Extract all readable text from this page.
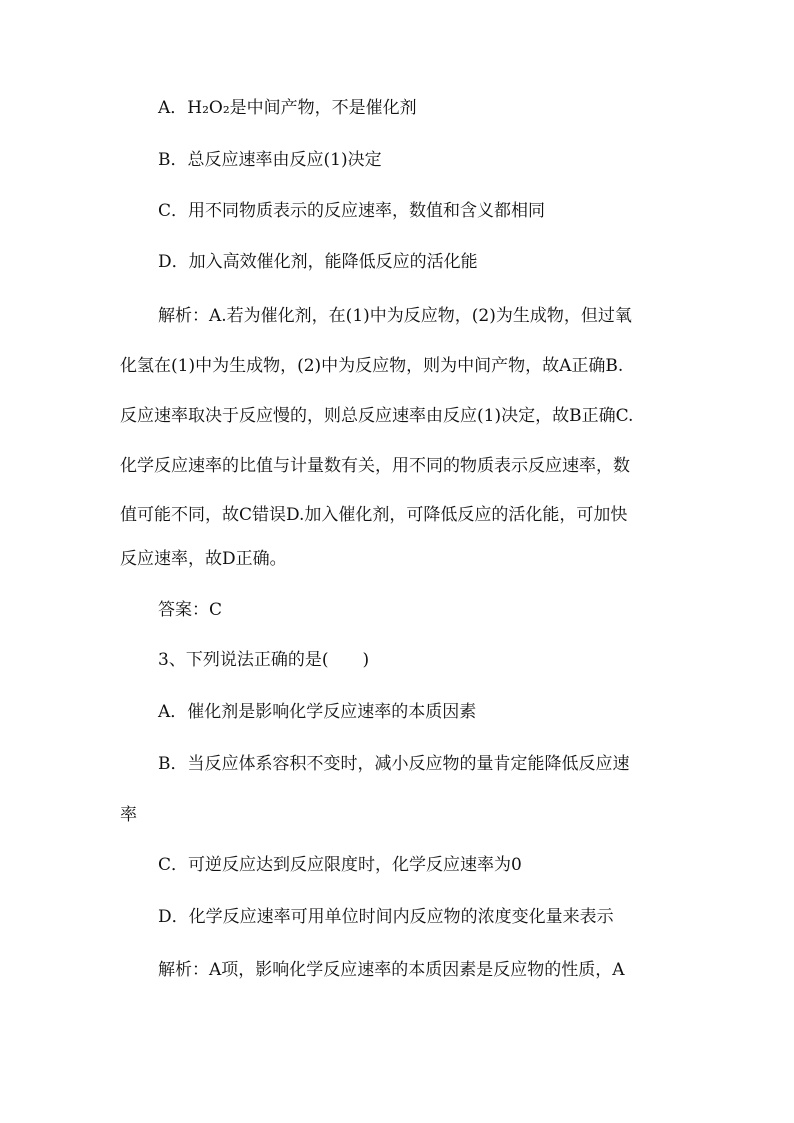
A．H₂O₂是中间产物，不是催化剂
B．总反应速率由反应(1)决定
C．用不同物质表示的反应速率，数值和含义都相同
D．加入高效催化剂，能降低反应的活化能
解析：A.若为催化剂，在(1)中为反应物，(2)为生成物，但过氧
化氢在(1)中为生成物，(2)中为反应物，则为中间产物，故A正确B.
反应速率取决于反应慢的，则总反应速率由反应(1)决定，故B正确C.
化学反应速率的比值与计量数有关，用不同的物质表示反应速率，数
值可能不同，故C错误D.加入催化剂，可降低反应的活化能，可加快
反应速率，故D正确。
答案：C
3、下列说法正确的是(　　)
A．催化剂是影响化学反应速率的本质因素
B．当反应体系容积不变时，减小反应物的量肯定能降低反应速
率
C．可逆反应达到反应限度时，化学反应速率为0
D．化学反应速率可用单位时间内反应物的浓度变化量来表示
解析：A项，影响化学反应速率的本质因素是反应物的性质，A
